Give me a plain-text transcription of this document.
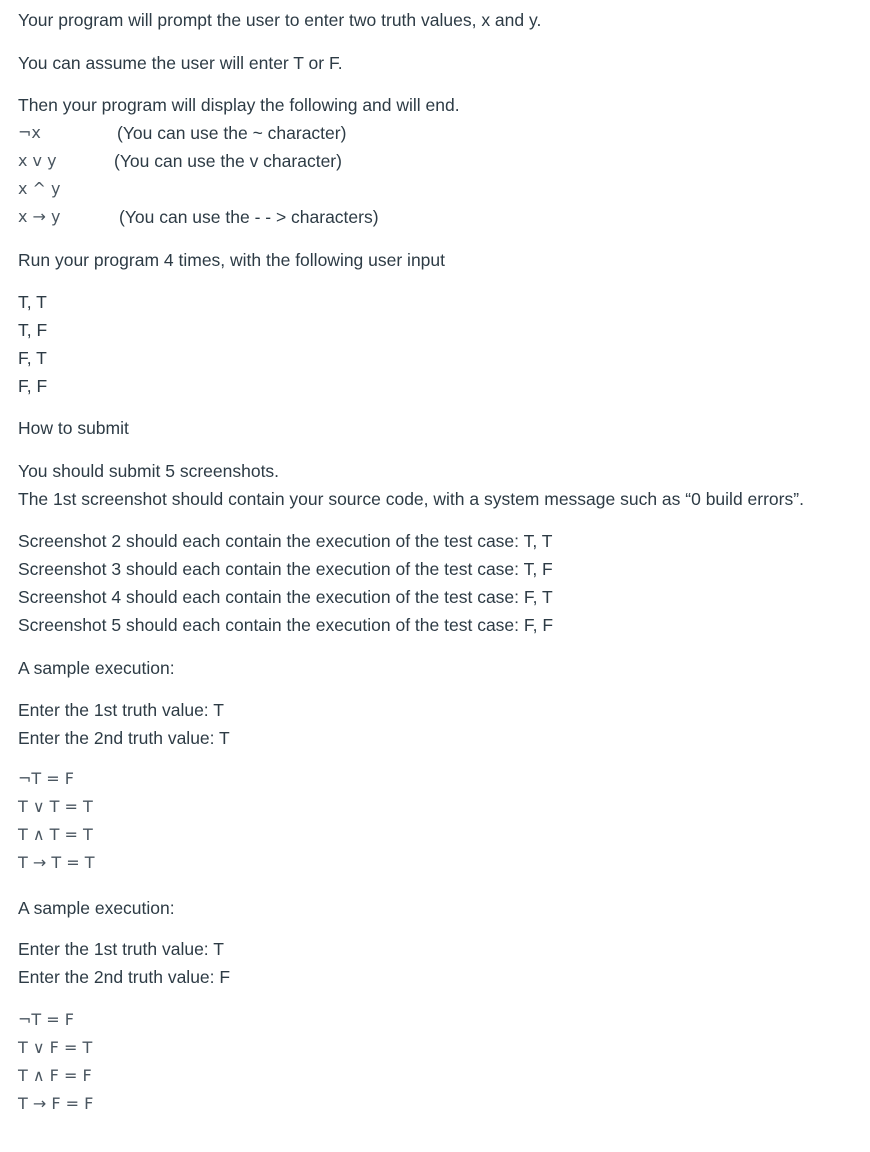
Your program will prompt the user to enter two truth values, x and y.
You can assume the user will enter T or F.
Then your program will display the following and will end.
¬x	(You can use the ~ character)
x v y	(You can use the v character)
x ^ y
x → y	(You can use the - - > characters)
Run your program 4 times, with the following user input
T, T
T, F
F, T
F, F
How to submit
You should submit 5 screenshots.
The 1st screenshot should contain your source code, with a system message such as “0 build errors”.
Screenshot 2 should each contain the execution of the test case: T, T
Screenshot 3 should each contain the execution of the test case: T, F
Screenshot 4 should each contain the execution of the test case: F, T
Screenshot 5 should each contain the execution of the test case: F, F
A sample execution:
Enter the 1st truth value: T
Enter the 2nd truth value: T
¬T = F
T ∨ T = T
T ∧ T = T
T → T = T
A sample execution:
Enter the 1st truth value: T
Enter the 2nd truth value: F
¬T = F
T ∨ F = T
T ∧ F = F
T → F = F
